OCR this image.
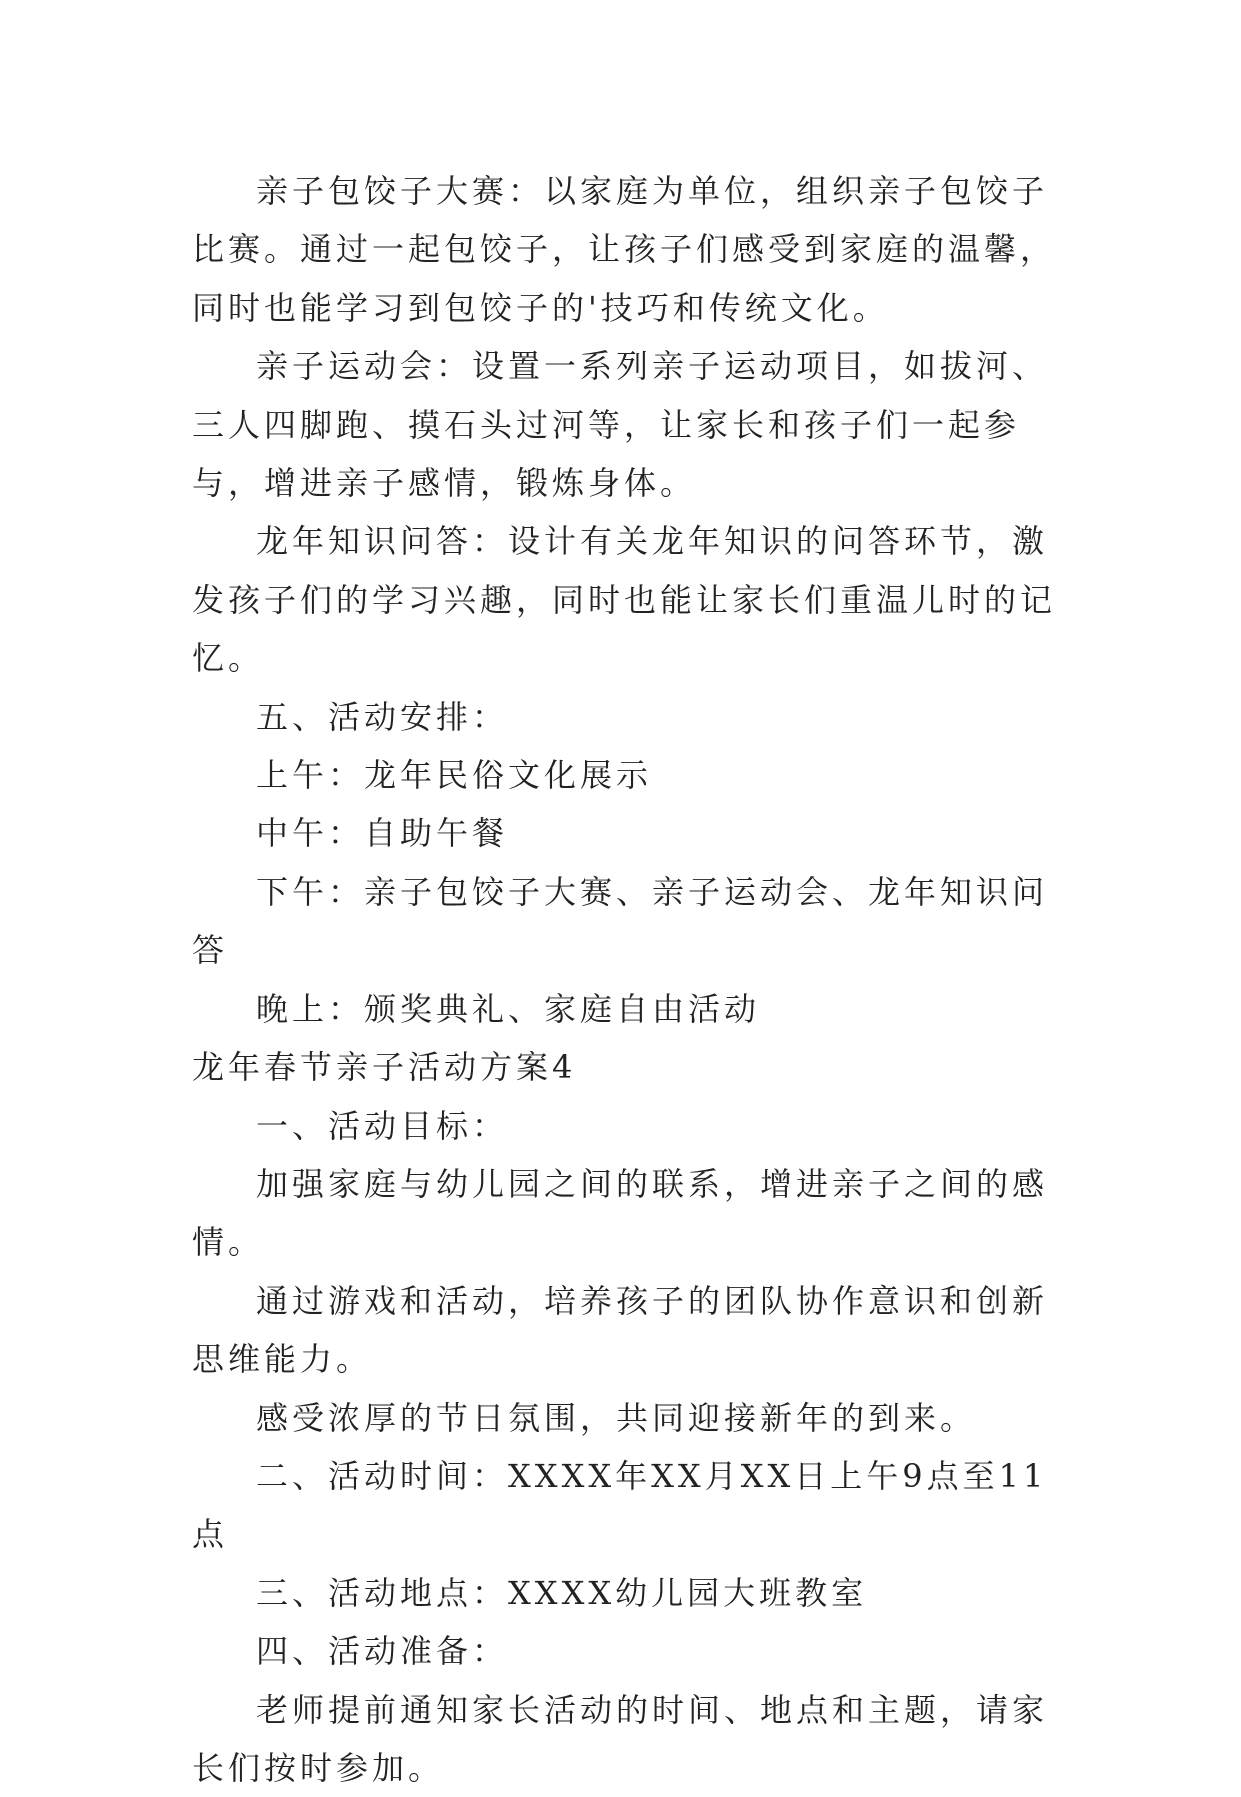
亲子包饺子大赛：以家庭为单位，组织亲子包饺子比赛。通过一起包饺子，让孩子们感受到家庭的温馨，同时也能学习到包饺子的'技巧和传统文化。

亲子运动会：设置一系列亲子运动项目，如拔河、三人四脚跑、摸石头过河等，让家长和孩子们一起参与，增进亲子感情，锻炼身体。

龙年知识问答：设计有关龙年知识的问答环节，激发孩子们的学习兴趣，同时也能让家长们重温儿时的记忆。

五、活动安排：

上午：龙年民俗文化展示

中午：自助午餐

下午：亲子包饺子大赛、亲子运动会、龙年知识问答

晚上：颁奖典礼、家庭自由活动

龙年春节亲子活动方案4

一、活动目标：

加强家庭与幼儿园之间的联系，增进亲子之间的感情。

通过游戏和活动，培养孩子的团队协作意识和创新思维能力。

感受浓厚的节日氛围，共同迎接新年的到来。

二、活动时间：XXXX年XX月XX日上午9点至11点

三、活动地点：XXXX幼儿园大班教室

四、活动准备：

老师提前通知家长活动的时间、地点和主题，请家长们按时参加。
